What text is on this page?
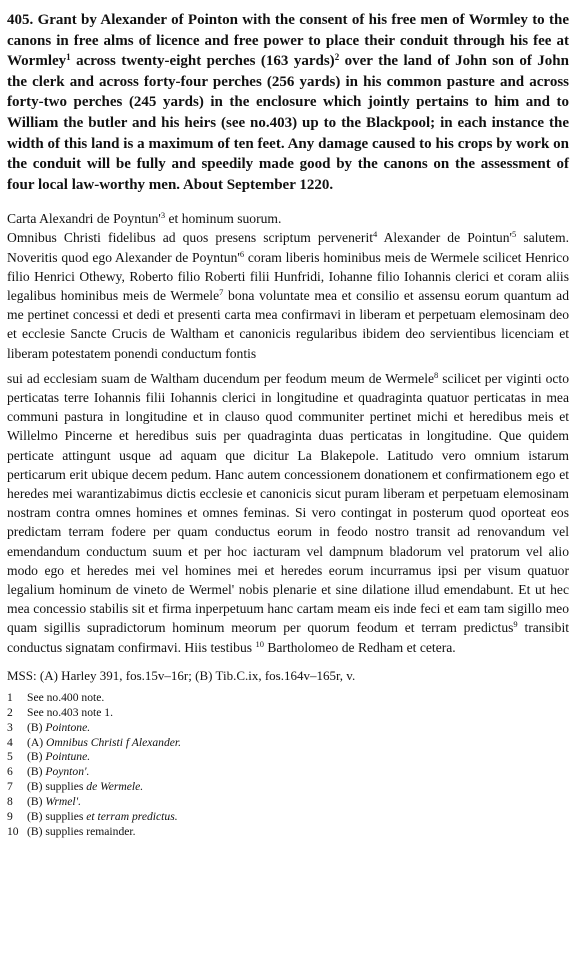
405. Grant by Alexander of Pointon with the consent of his free men of Wormley to the canons in free alms of licence and free power to place their conduit through his fee at Wormley$^1$ across twenty-eight perches (163 yards)$^2$ over the land of John son of John the clerk and across forty-four perches (256 yards) in his common pasture and across forty-two perches (245 yards) in the enclosure which jointly pertains to him and to William the butler and his heirs (see no.403) up to the Blackpool; in each instance the width of this land is a maximum of ten feet. Any damage caused to his crops by work on the conduit will be fully and speedily made good by the canons on the assessment of four local law-worthy men. About September 1220.

Carta Alexandri de $Poyntun'^3$ et hominum suorum.

Omnibus Christi fidelibus ad quos presens scriptum pervenerit$^4$ Alexander de $Pointun'^5$ salutem. Noveritis quod ego Alexander de $Poyntun'^6$ coram liberis hominibus meis de Wermele scilicet Henrico filio Henrici Othewy, Roberto filio Roberti filii Hunfridi, Iohanne filio Iohannis clerici et coram aliis legalibus hominibus meis de Wermele$^7$ bona voluntate mea et consilio et assensu eorum quantum ad me pertinet concessi et dedi et presenti carta mea confirmavi in liberam et perpetuam elemosinam deo et ecclesie Sancte Crucis de Waltham et canonicis regularibus ibidem deo servientibus licenciam et liberam potestatem ponendi conductum fontis

sui ad ecclesiam suam de Waltham ducendum per feodum meum de Wermele$^8$ scilicet per viginti octo perticatas terre Iohannis filii Iohannis clerici in longitudine et quadraginta quatuor perticatas in mea communi pastura in longitudine et in clauso quod communiter pertinet michi et heredibus meis et Willelmo Pincerne et heredibus suis per quadraginta duas perticatas in longitudine. Que quidem perticate attingunt usque ad aquam que dicitur La Blakepole. Latitudo vero omnium istarum perticarum erit ubique decem pedum. Hanc autem concessionem donationem et confirmationem ego et heredes mei warantizabimus dictis ecclesie et canonicis sicut puram liberam et perpetuam elemosinam nostram contra omnes homines et omnes feminas. Si vero contingat in posterum quod oporteat eos predictam terram fodere per quam conductus eorum in feodo nostro transit ad renovandum vel emendandum conductum suum et per hoc iacturam vel dampnum bladorum vel pratorum vel alio modo ego et heredes mei vel homines mei et heredes eorum incurramus ipsi per visum quatuor legalium hominum de vineto de Wermel' nobis plenarie et sine dilatione illud emendabunt. Et ut hec mea concessio stabilis sit et firma inperpetuum hanc cartam meam eis inde feci et eam tam sigillo meo quam sigillis supradictorum hominum meorum per quorum feodum et terram predictus$^9$ transibit conductus signatam confirmavi. Hiis testibus $^{10}$ Bartholomeo de Redham et cetera.

MSS: (A) Harley 391, fos.15v–16r; (B) Tib.C.ix, fos.164v–165r, v.

1	See no.400 note.
2	See no.403 note 1.
3	(B) Pointone.
4	(A) Omnibus Christi f Alexander.
5	(B) Pointune.
6	(B) Poynton'.
7	(B) supplies de Wermele.
8	(B) Wrmel'.
9	(B) supplies et terram predictus.
10 (B) supplies remainder.
